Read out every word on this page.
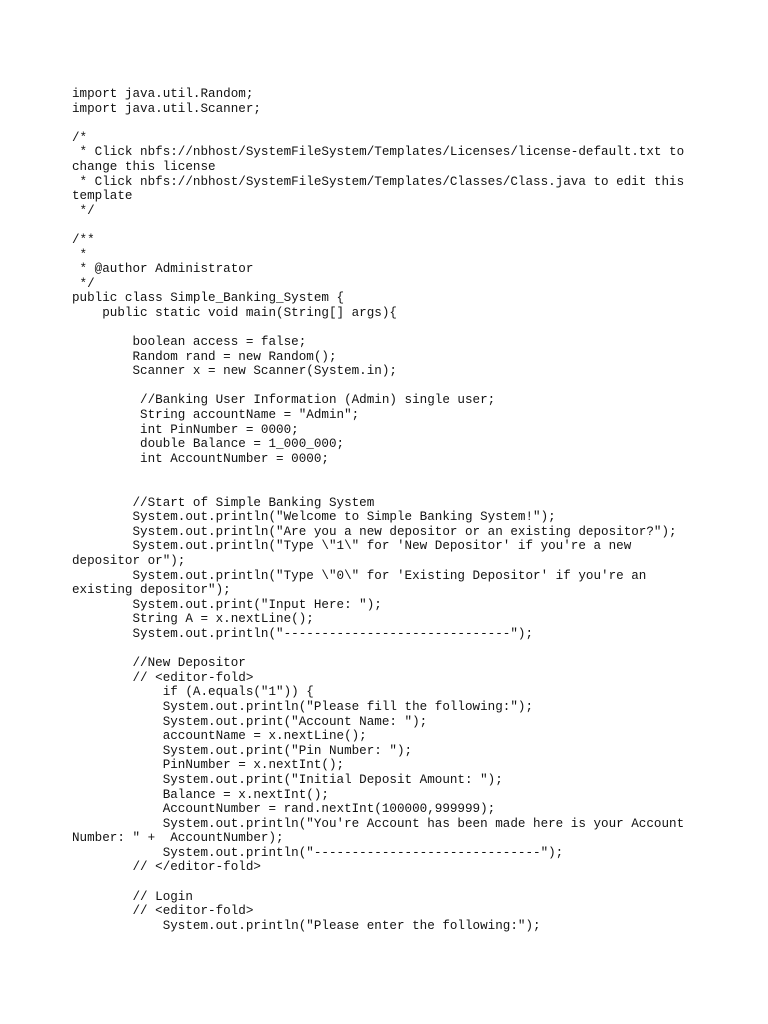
import java.util.Random;
import java.util.Scanner;
/*
* Click nbfs://nbhost/SystemFileSystem/Templates/Licenses/license-default.txt to
change this license
* Click nbfs://nbhost/SystemFileSystem/Templates/Classes/Class.java to edit this
template
*/
/**
*
* @author Administrator
*/
public class Simple_Banking_System {
public static void main(String[] args){
boolean access = false;
Random rand = new Random();
Scanner x = new Scanner(System.in);
//Banking User Information (Admin) single user;
String accountName = "Admin";
int PinNumber = 0000;
double Balance = 1_000_000;
int AccountNumber = 0000;
//Start of Simple Banking System
System.out.println("Welcome to Simple Banking System!");
System.out.println("Are you a new depositor or an existing depositor?");
System.out.println("Type \"1\" for 'New Depositor' if you're a new
depositor or");
System.out.println("Type \"0\" for 'Existing Depositor' if you're an
existing depositor");
System.out.print("Input Here: ");
String A = x.nextLine();
System.out.println("------------------------------");
//New Depositor
// <editor-fold>
if (A.equals("1")) {
System.out.println("Please fill the following:");
System.out.print("Account Name: ");
accountName = x.nextLine();
System.out.print("Pin Number: ");
PinNumber = x.nextInt();
System.out.print("Initial Deposit Amount: ");
Balance = x.nextInt();
AccountNumber = rand.nextInt(100000,999999);
System.out.println("You're Account has been made here is your Account
Number: " +  AccountNumber);
System.out.println("------------------------------");
// </editor-fold>
// Login
// <editor-fold>
System.out.println("Please enter the following:");
